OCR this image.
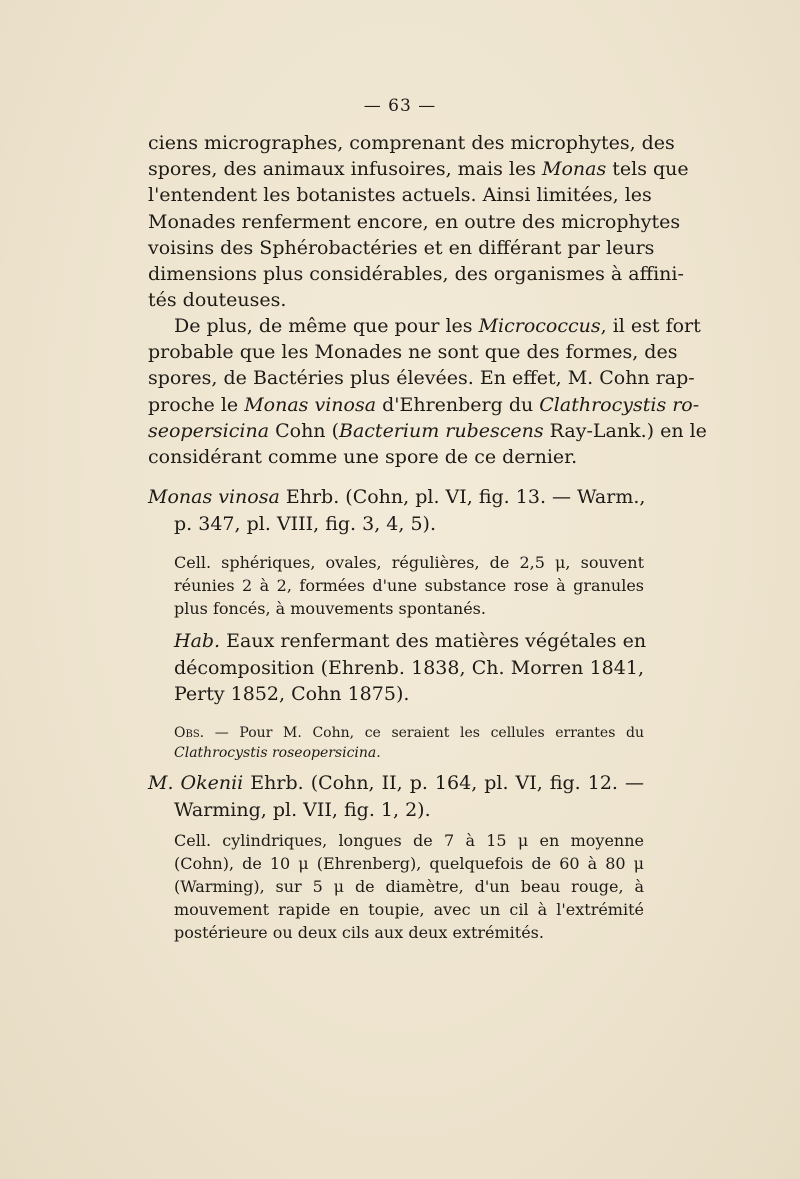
— 63 —
ciens micrographes, comprenant des microphytes, des
spores, des animaux infusoires, mais les Monas tels que
l'entendent les botanistes actuels. Ainsi limitées, les
Monades renferment encore, en outre des microphytes
voisins des Sphérobactéries et en différant par leurs
dimensions plus considérables, des organismes à affini-
tés douteuses.
De plus, de même que pour les Micrococcus, il est fort
probable que les Monades ne sont que des formes, des
spores, de Bactéries plus élevées. En effet, M. Cohn rap-
proche le Monas vinosa d'Ehrenberg du Clathrocystis ro-
seopersicina Cohn (Bacterium rubescens Ray-Lank.) en le
considérant comme une spore de ce dernier.
Monas vinosa Ehrb. (Cohn, pl. VI, fig. 13. — Warm.,
p. 347, pl. VIII, fig. 3, 4, 5).
Cell. sphériques, ovales, régulières, de 2,5 μ, souvent
réunies 2 à 2, formées d'une substance rose à granules
plus foncés, à mouvements spontanés.
Hab. Eaux renfermant des matières végétales en
décomposition (Ehrenb. 1838, Ch. Morren 1841,
Perty 1852, Cohn 1875).
Obs. — Pour M. Cohn, ce seraient les cellules errantes du
Clathrocystis roseopersicina.
M. Okenii Ehrb. (Cohn, II, p. 164, pl. VI, fig. 12. —
Warming, pl. VII, fig. 1, 2).
Cell. cylindriques, longues de 7 à 15 μ en moyenne
(Cohn), de 10 μ (Ehrenberg), quelquefois de 60 à 80 μ
(Warming), sur 5 μ de diamètre, d'un beau rouge, à
mouvement rapide en toupie, avec un cil à l'extrémité
postérieure ou deux cils aux deux extrémités.
